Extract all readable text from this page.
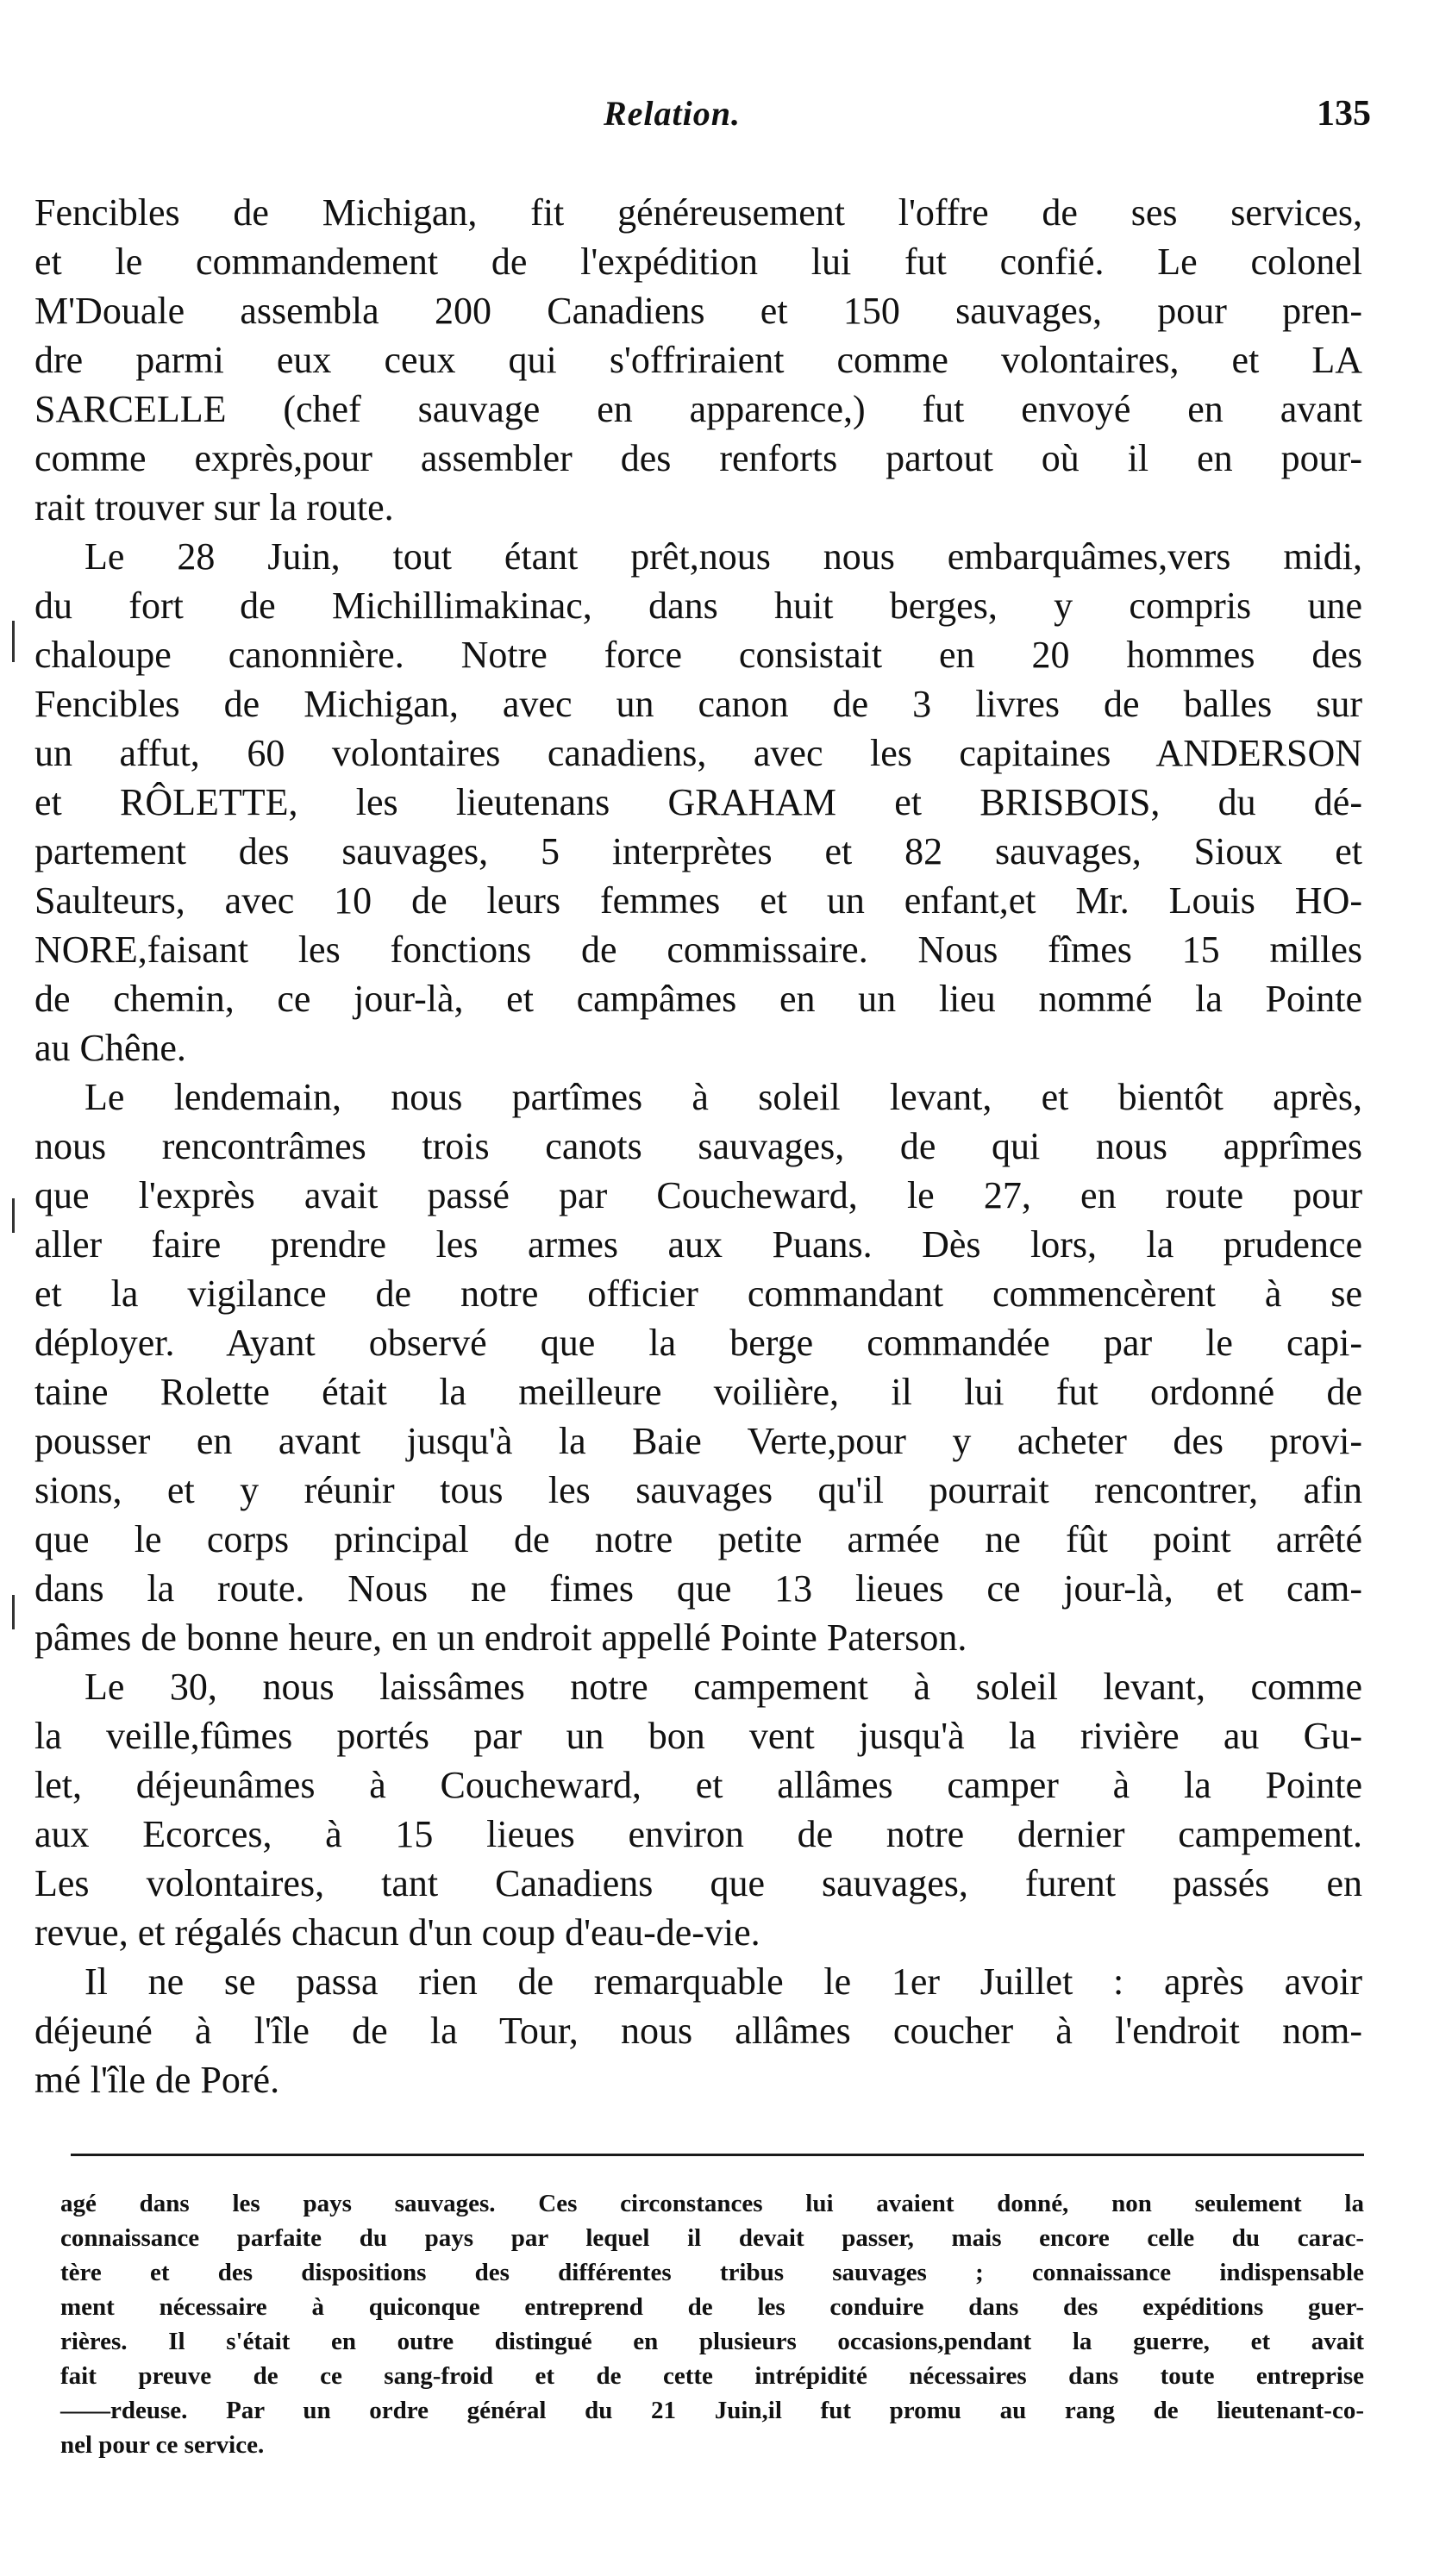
Relation.	135
Fencibles de Michigan, fit généreusement l'offre de ses services,
et le commandement de l'expédition lui fut confié. Le colonel
M'Douale assembla 200 Canadiens et 150 sauvages, pour pren-
dre parmi eux ceux qui s'offriraient comme volontaires, et LA
SARCELLE (chef sauvage en apparence,) fut envoyé en avant
comme exprès,pour assembler des renforts partout où il en pour-
rait trouver sur la route.
Le 28 Juin, tout étant prêt,nous nous embarquâmes,vers midi,
du fort de Michillimakinac, dans huit berges, y compris une
chaloupe canonnière. Notre force consistait en 20 hommes des
Fencibles de Michigan, avec un canon de 3 livres de balles sur
un affut, 60 volontaires canadiens, avec les capitaines ANDERSON
et RÔLETTE, les lieutenans GRAHAM et BRISBOIS, du dé-
partement des sauvages, 5 interprètes et 82 sauvages, Sioux et
Saulteurs, avec 10 de leurs femmes et un enfant,et Mr. Louis HO-
NORE,faisant les fonctions de commissaire. Nous fîmes 15 milles
de chemin, ce jour-là, et campâmes en un lieu nommé la Pointe
au Chêne.
Le lendemain, nous partîmes à soleil levant, et bientôt après,
nous rencontrâmes trois canots sauvages, de qui nous apprîmes
que l'exprès avait passé par Coucheward, le 27, en route pour
aller faire prendre les armes aux Puans. Dès lors, la prudence
et la vigilance de notre officier commandant commencèrent à se
déployer. Ayant observé que la berge commandée par le capi-
taine Rolette était la meilleure voilière, il lui fut ordonné de
pousser en avant jusqu'à la Baie Verte,pour y acheter des provi-
sions, et y réunir tous les sauvages qu'il pourrait rencontrer, afin
que le corps principal de notre petite armée ne fût point arrêté
dans la route. Nous ne fimes que 13 lieues ce jour-là, et cam-
pâmes de bonne heure, en un endroit appellé Pointe Paterson.
Le 30, nous laissâmes notre campement à soleil levant, comme
la veille,fûmes portés par un bon vent jusqu'à la rivière au Gu-
let, déjeunâmes à Coucheward, et allâmes camper à la Pointe
aux Ecorces, à 15 lieues environ de notre dernier campement.
Les volontaires, tant Canadiens que sauvages, furent passés en
revue, et régalés chacun d'un coup d'eau-de-vie.
Il ne se passa rien de remarquable le 1er Juillet : après avoir
déjeuné à l'île de la Tour, nous allâmes coucher à l'endroit nom-
mé l'île de Poré.
agé dans les pays sauvages. Ces circonstances lui avaient donné, non seulement la
connaissance parfaite du pays par lequel il devait passer, mais encore celle du carac-
tère et des dispositions des différentes tribus sauvages ; connaissance indispensable
ment nécessaire à quiconque entreprend de les conduire dans des expéditions guer-
rières. Il s'était en outre distingué en plusieurs occasions,pendant la guerre, et avait
fait preuve de ce sang-froid et de cette intrépidité nécessaires dans toute entreprise
——rdeuse. Par un ordre général du 21 Juin,il fut promu au rang de lieutenant-co-
nel pour ce service.
